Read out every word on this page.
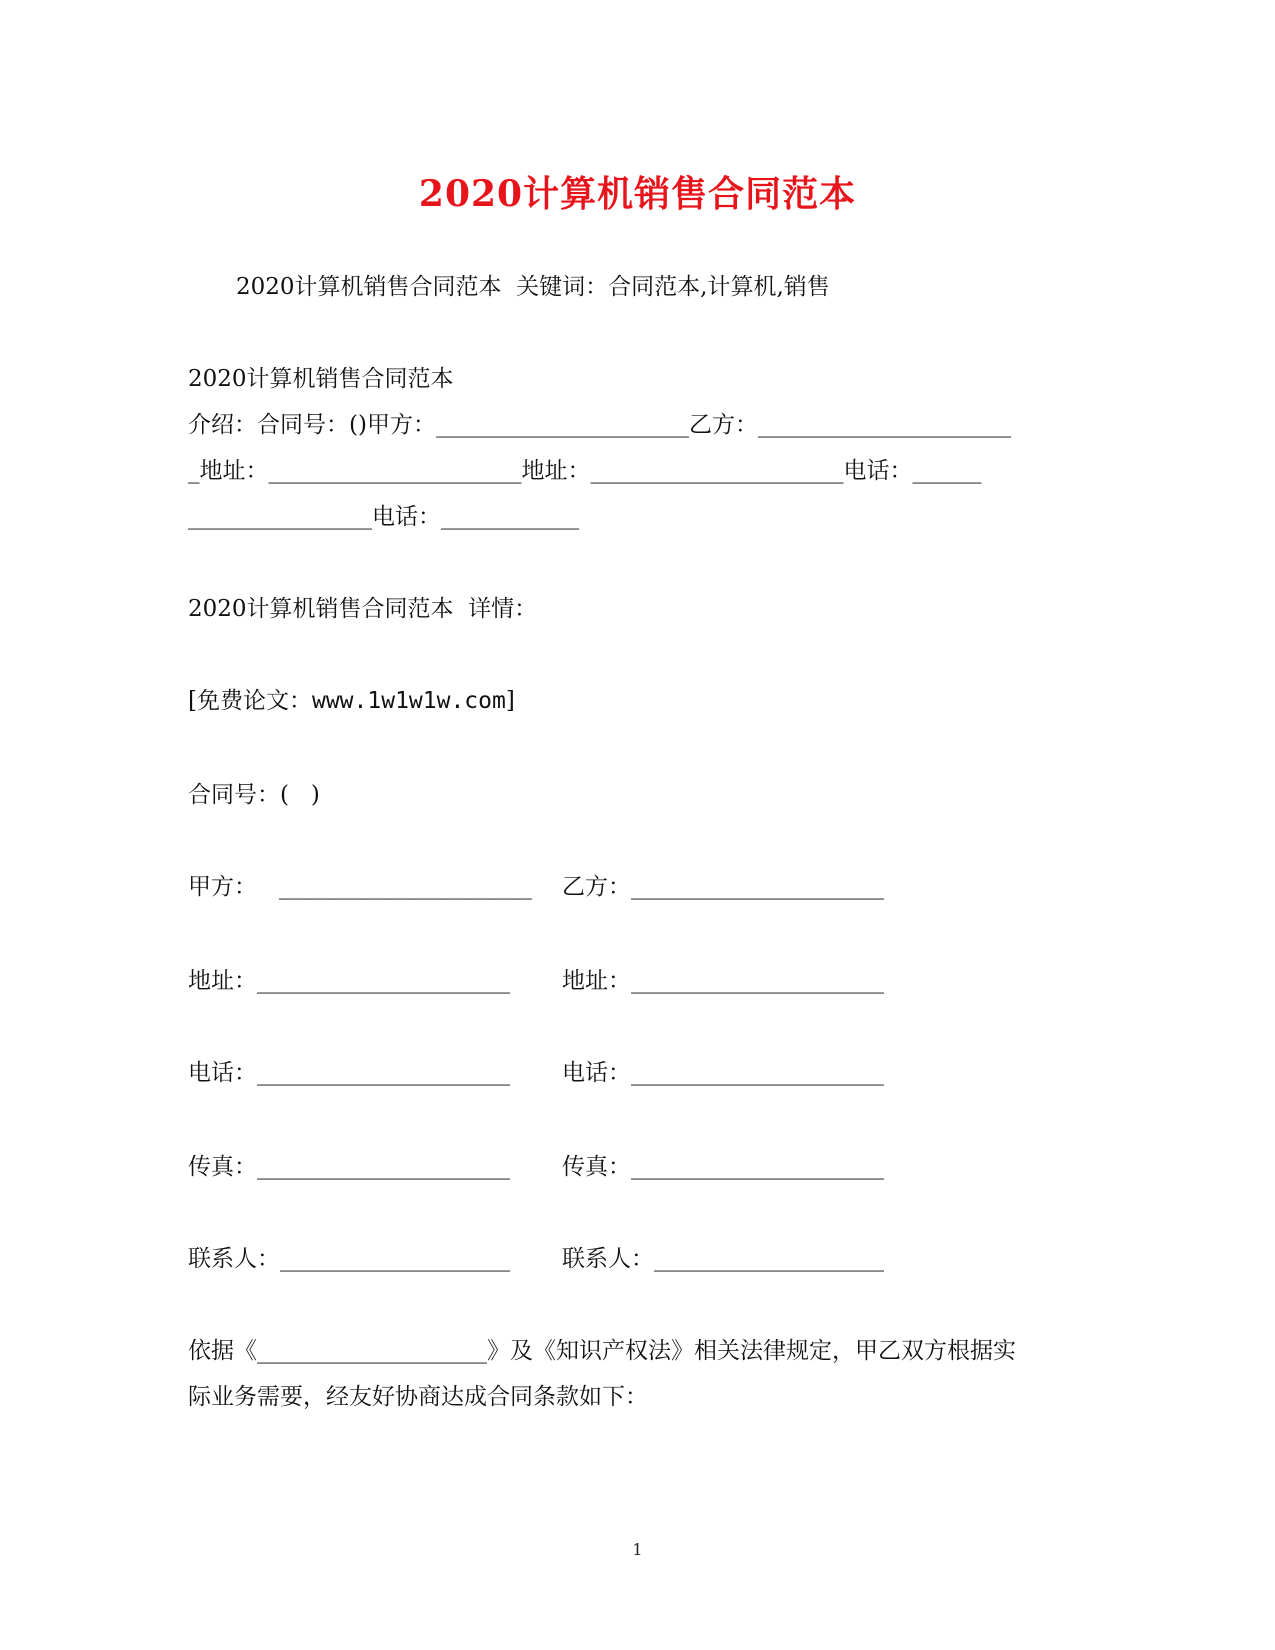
2020计算机销售合同范本
2020计算机销售合同范本  关键词：合同范本,计算机,销售
2020计算机销售合同范本
介绍：合同号：()甲方：______________________乙方：______________________
_地址：______________________地址：______________________电话：______
________________电话：____________
2020计算机销售合同范本  详情：
[免费论文：www.1w1w1w.com]
合同号：(   )
甲方：   ______________________ 乙方：______________________
地址：______________________ 地址：______________________
电话：______________________ 电话：______________________
传真：______________________ 传真：______________________
联系人：____________________ 联系人：____________________
依据《____________________》及《知识产权法》相关法律规定，甲乙双方根据实
际业务需要，经友好协商达成合同条款如下：
1
